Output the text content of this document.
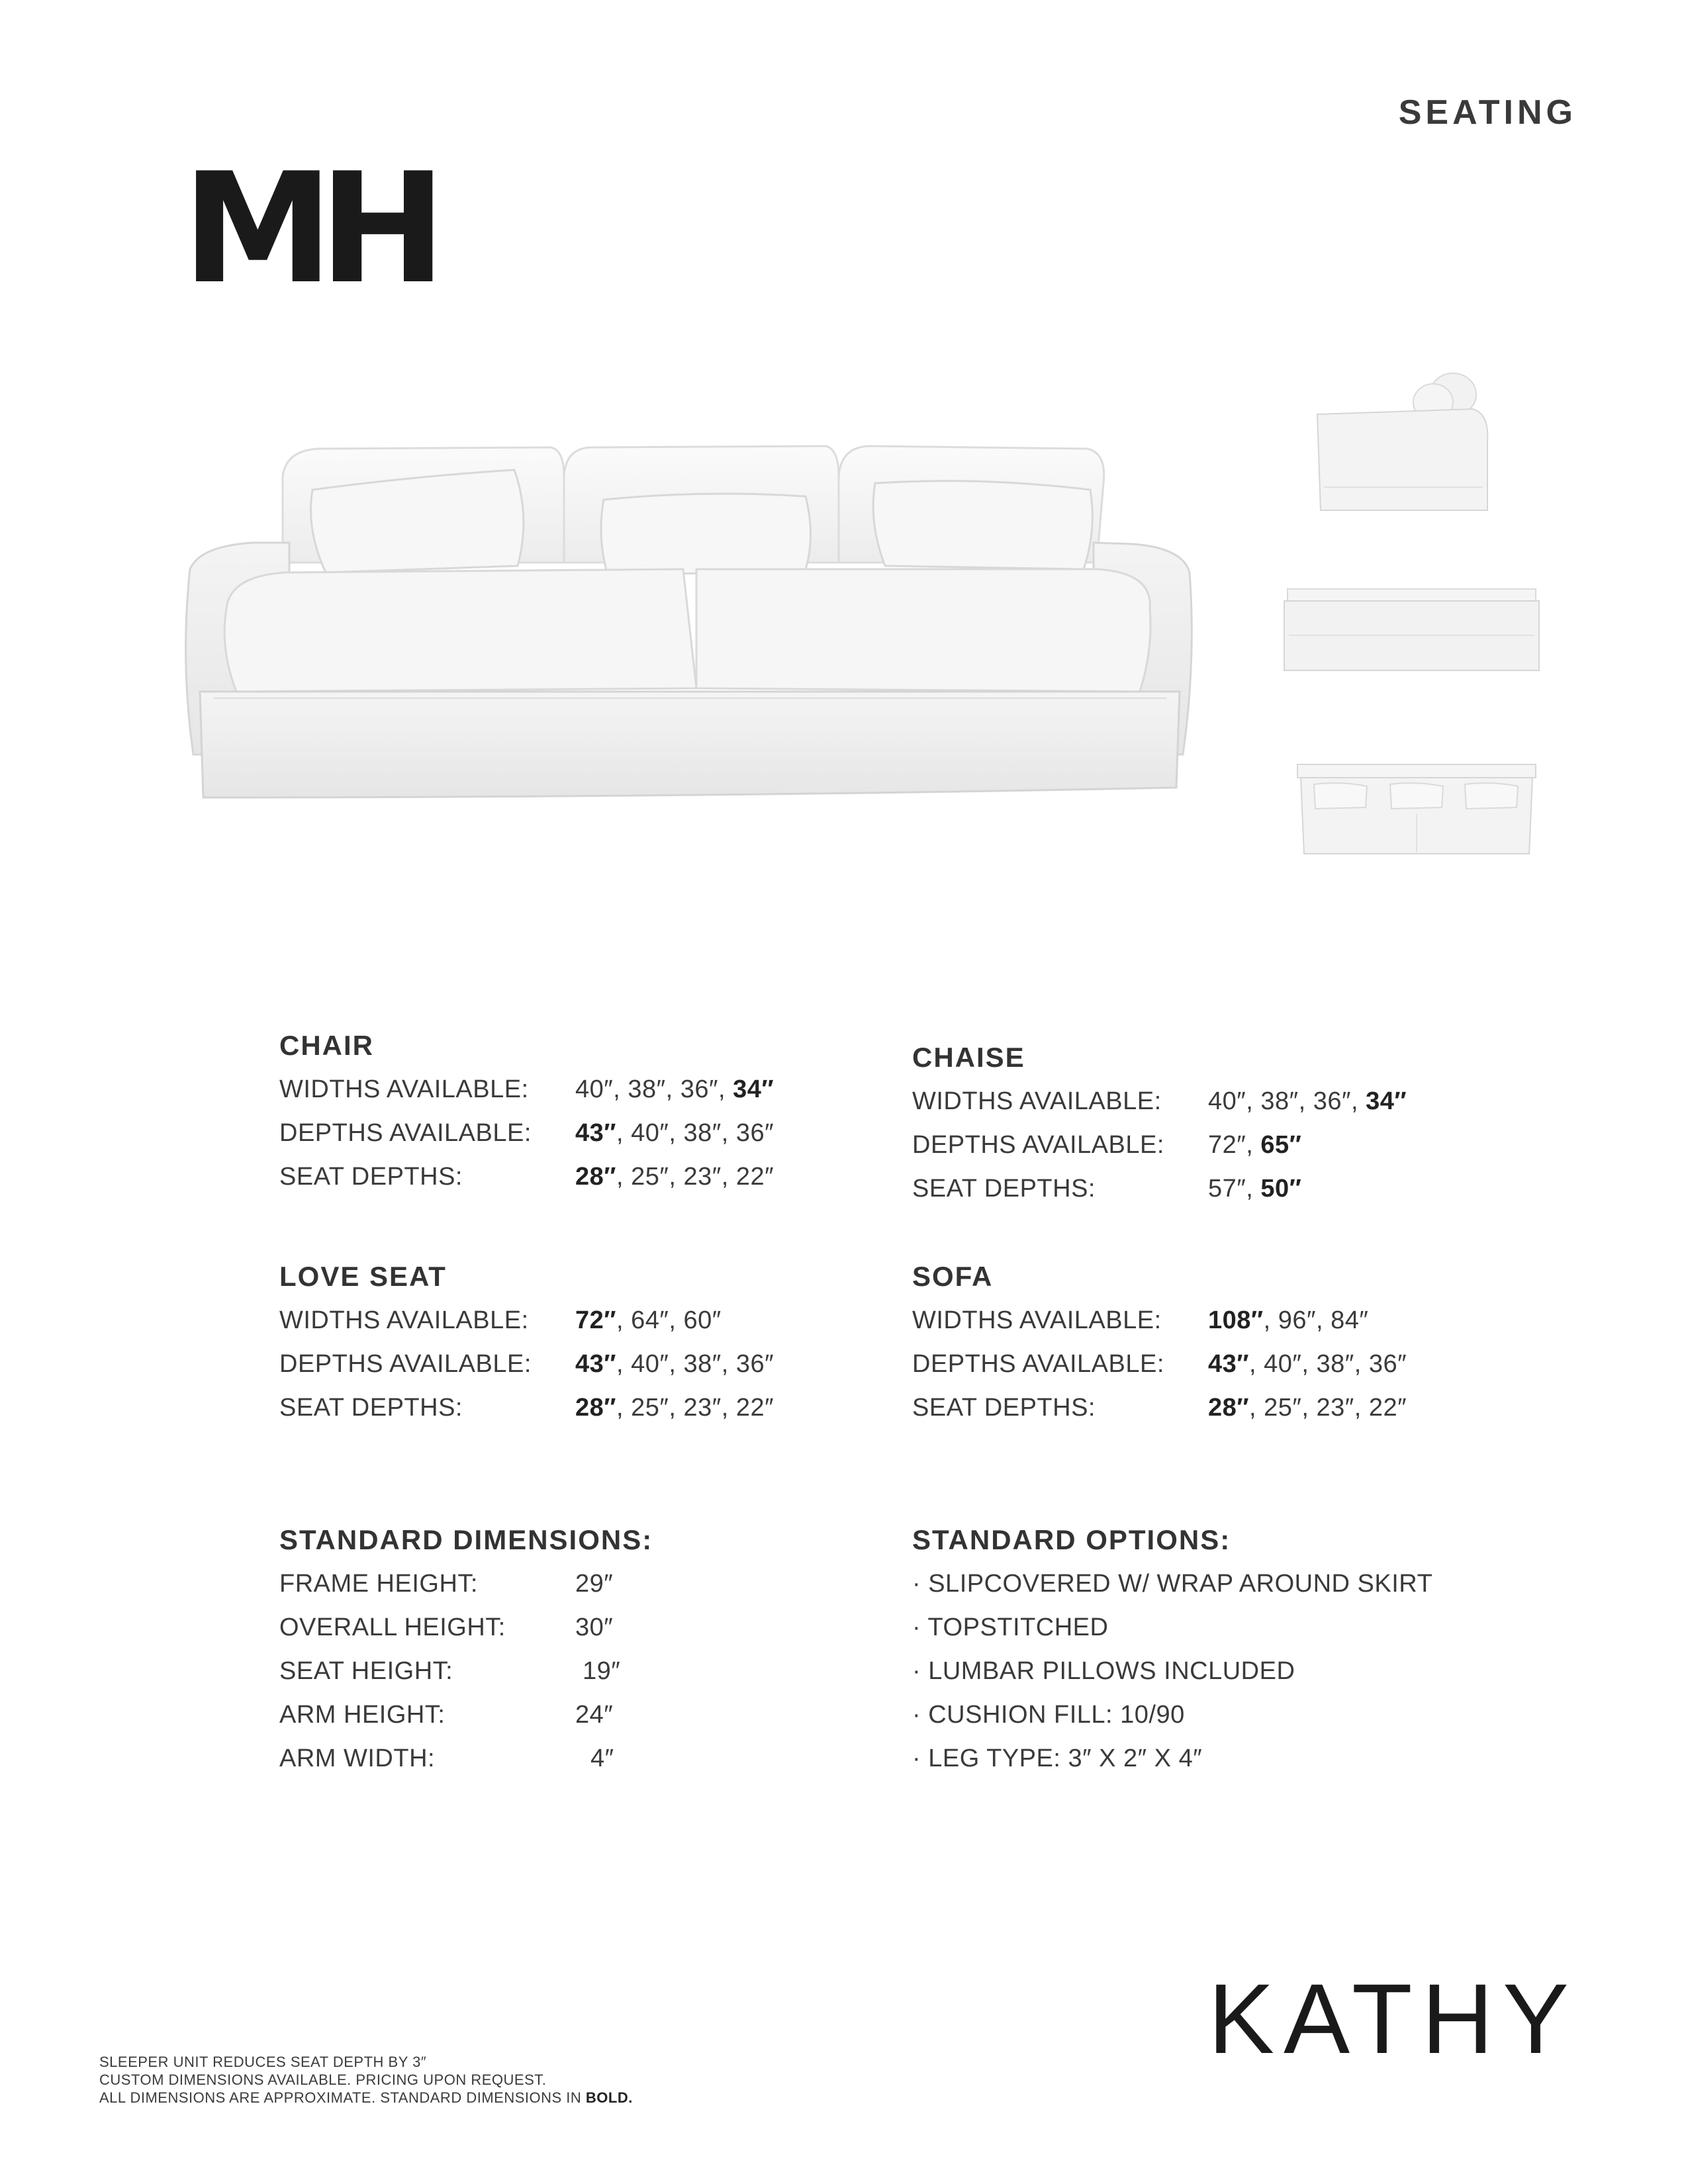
MH
SEATING
CHAIR
WIDTHS AVAILABLE: 40″, 38″, 36″, 34″
DEPTHS AVAILABLE: 43″, 40″, 38″, 36″
SEAT DEPTHS:	28″, 25″, 23″, 22″
CHAISE
WIDTHS AVAILABLE: 40″, 38″, 36″, 34″
DEPTHS AVAILABLE: 72″, 65″
SEAT DEPTHS:	57″, 50″
LOVE SEAT
WIDTHS AVAILABLE: 72″, 64″, 60″
DEPTHS AVAILABLE: 43″, 40″, 38″, 36″
SEAT DEPTHS:	28″, 25″, 23″, 22″
SOFA
WIDTHS AVAILABLE: 108″, 96″, 84″
DEPTHS AVAILABLE: 43″, 40″, 38″, 36″
SEAT DEPTHS:	28″, 25″, 23″, 22″
STANDARD DIMENSIONS:
FRAME HEIGHT:	29″
OVERALL HEIGHT:	30″
SEAT HEIGHT:	19″
ARM HEIGHT:	24″
ARM WIDTH:	4″
STANDARD OPTIONS:
· SLIPCOVERED W/ WRAP AROUND SKIRT
· TOPSTITCHED
· LUMBAR PILLOWS INCLUDED
· CUSHION FILL: 10/90
· LEG TYPE: 3″ X 2″ X 4″
KATHY
SLEEPER UNIT REDUCES SEAT DEPTH BY 3″
CUSTOM DIMENSIONS AVAILABLE. PRICING UPON REQUEST.
ALL DIMENSIONS ARE APPROXIMATE. STANDARD DIMENSIONS IN BOLD.
